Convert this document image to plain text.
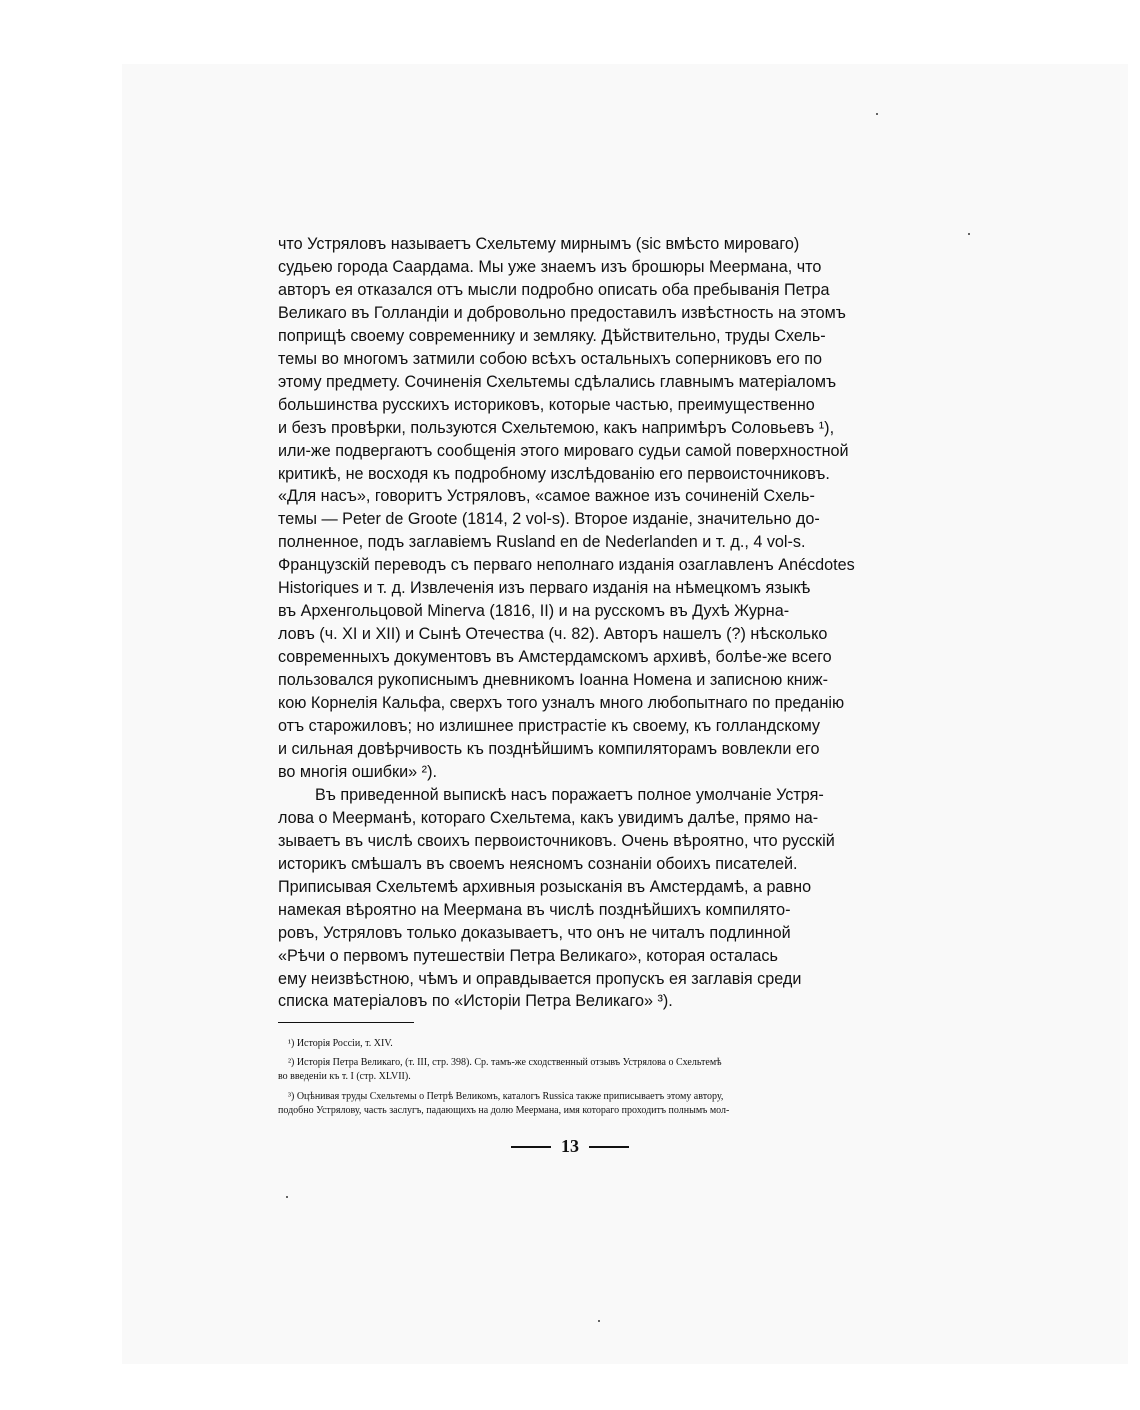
что Устряловъ называетъ Схельтему мирнымъ (sic вмѣсто мироваго)
судьею города Саардама. Мы уже знаемъ изъ брошюры Меермана, что
авторъ ея отказался отъ мысли подробно описать оба пребыванія Петра
Великаго въ Голландіи и добровольно предоставилъ извѣстность на этомъ
поприщѣ своему современнику и земляку. Дѣйствительно, труды Схель-
темы во многомъ затмили собою всѣхъ остальныхъ соперниковъ его по
этому предмету. Сочиненія Схельтемы сдѣлались главнымъ матеріаломъ
большинства русскихъ историковъ, которые частью, преимущественно
и безъ провѣрки, пользуются Схельтемою, какъ напримѣръ Соловьевъ ¹),
или-же подвергаютъ сообщенія этого мироваго судьи самой поверхностной
критикѣ, не восходя къ подробному изслѣдованію его первоисточниковъ.
«Для насъ», говоритъ Устряловъ, «самое важное изъ сочиненій Схель-
темы — Peter de Groote (1814, 2 vol-s). Второе изданіе, значительно до-
полненное, подъ заглавіемъ Rusland en de Nederlanden и т. д., 4 vol-s.
Французскій переводъ съ перваго неполнаго изданія озаглавленъ Anécdotes
Historiques и т. д. Извлеченія изъ перваго изданія на нѣмецкомъ языкѣ
въ Архенгольцовой Minerva (1816, II) и на русскомъ въ Духѣ Журна-
ловъ (ч. XI и XII) и Сынѣ Отечества (ч. 82). Авторъ нашелъ (?) нѣсколько
современныхъ документовъ въ Амстердамскомъ архивѣ, болѣе-же всего
пользовался рукописнымъ дневникомъ Іоанна Номена и записною книж-
кою Корнелія Кальфа, сверхъ того узналъ много любопытнаго по преданію
отъ старожиловъ; но излишнее пристрастіе къ своему, къ голландскому
и сильная довѣрчивость къ позднѣйшимъ компиляторамъ вовлекли его
во многія ошибки» ²).
Въ приведенной выпискѣ насъ поражаетъ полное умолчаніе Устря-
лова о Меерманѣ, котораго Схельтема, какъ увидимъ далѣе, прямо на-
зываетъ въ числѣ своихъ первоисточниковъ. Очень вѣроятно, что русскій
историкъ смѣшалъ въ своемъ неясномъ сознаніи обоихъ писателей.
Приписывая Схельтемѣ архивныя розысканія въ Амстердамѣ, а равно
намекая вѣроятно на Меермана въ числѣ позднѣйшихъ компилято-
ровъ, Устряловъ только доказываетъ, что онъ не читалъ подлинной
«Рѣчи о первомъ путешествіи Петра Великаго», которая осталась
ему неизвѣстною, чѣмъ и оправдывается пропускъ ея заглавія среди
списка матеріаловъ по «Исторіи Петра Великаго» ³).
¹) Исторія Россіи, т. XIV.
²) Исторія Петра Великаго, (т. III, стр. 398). Ср. тамъ-же сходственный отзывъ Устрялова о Схельтемѣ
во введеніи къ т. I (стр. XLVII).
³) Оцѣнивая труды Схельтемы о Петрѣ Великомъ, каталогъ Russica также приписываетъ этому автору,
подобно Устрялову, часть заслугъ, падающихъ на долю Меермана, имя котораго проходитъ полнымъ мол-
13
